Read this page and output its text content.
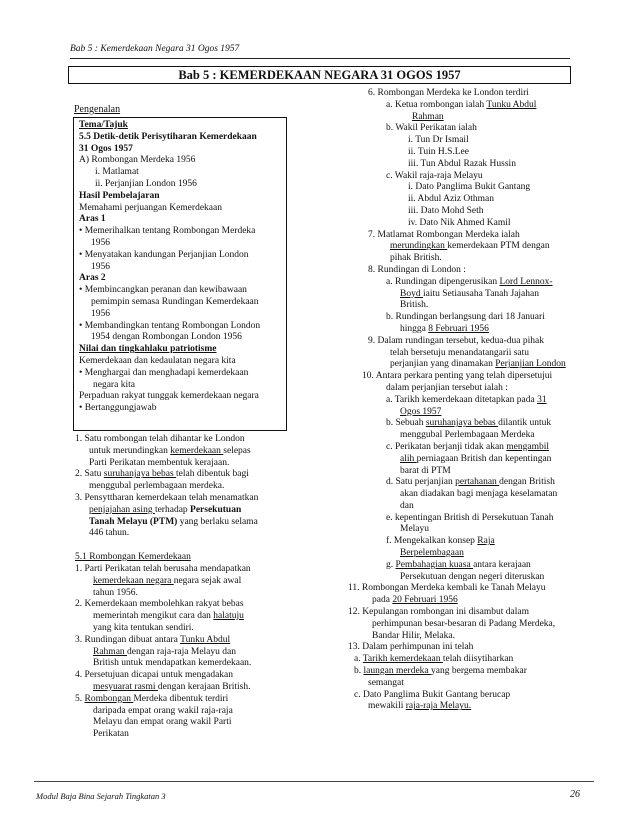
Bab 5 : Kemerdekaan Negara 31 Ogos 1957
Bab 5 : KEMERDEKAAN NEGARA 31 OGOS 1957
Pengenalan
Tema/Tajuk
5.5 Detik-detik Perisytiharan Kemerdekaan
31 Ogos 1957
A) Rombongan Merdeka 1956
i. Matlamat
ii. Perjanjian London 1956
Hasil Pembelajaran
Memahami perjuangan Kemerdekaan
Aras 1
• Memerihalkan tentang Rombongan Merdeka
1956
• Menyatakan kandungan Perjanjian London
1956
Aras 2
• Membincangkan peranan dan kewibawaan
pemimpin semasa Rundingan Kemerdekaan
1956
• Membandingkan tentang Rombongan London
1954 dengan Rombongan London 1956
Nilai dan tingkahlaku patriotisme
Kemerdekaan dan kedaulatan negara kita
• Menghargai dan menghadapi kemerdekaan
negara kita
Perpaduan rakyat tunggak kemerdekaan negara
• Bertanggungjawab
1. Satu rombongan telah dihantar ke London
untuk merundingkan kemerdekaan selepas
Parti Perikatan membentuk kerajaan.
2. Satu suruhanjaya bebas telah dibentuk bagi
menggubal perlembagaan merdeka.
3. Pensyttharan kemerdekaan telah menamatkan
penjajahan asing terhadap Persekutuan
Tanah Melayu (PTM) yang berlaku selama
446 tahun.
5.1 Rombongan Kemerdekaan
1. Parti Perikatan telah berusaha mendapatkan
kemerdekaan negara negara sejak awal
tahun 1956.
2. Kemerdekaan membolehkan rakyat bebas
memerintah mengikut cara dan halatuju
yang kita tentukan sendiri.
3. Rundingan dibuat antara Tunku Abdul
Rahman dengan raja-raja Melayu dan
British untuk mendapatkan kemerdekaan.
4. Persetujuan dicapai untuk mengadakan
mesyuarat rasmi dengan kerajaan British.
5. Rombongan Merdeka dibentuk terdiri
daripada empat orang wakil raja-raja
Melayu dan empat orang wakil Parti
Perikatan
6. Rombongan Merdeka ke London terdiri
a. Ketua rombongan ialah Tunku Abdul
Rahman
b. Wakil Perikatan ialah
i. Tun Dr Ismail
ii. Tuin H.S.Lee
iii. Tun Abdul Razak Hussin
c. Wakil raja-raja Melayu
i. Dato Panglima Bukit Gantang
ii. Abdul Aziz Othman
iii. Dato Mohd Seth
iv. Dato Nik Ahmed Kamil
7. Matlamat Rombongan Merdeka ialah
merundingkan kemerdekaan PTM dengan
pihak British.
8. Rundingan di London :
a. Rundingan dipengerusikan Lord Lennox-
Boyd iaitu Setiausaha Tanah Jajahan
British.
b. Rundingan berlangsung dari 18 Januari
hingga 8 Februari 1956
9. Dalam rundingan tersebut, kedua-dua pihak
telah bersetuju menandatangarii satu
perjanjian yang dinamakan Perjanjian London
10. Antara perkara penting yang telah dipersetujui
dalam perjanjian tersebut ialah :
a. Tarikh kemerdekaan ditetapkan pada 31
Ogos 1957
b. Sebuah suruhanjaya bebas dilantik untuk
menggubal Perlembagaan Merdeka
c. Perikatan berjanji tidak akan mengambil
alih perniagaan British dan kepentingan
barat di PTM
d. Satu perjanjian pertahanan dengan British
akan diadakan bagi menjaga keselamatan
dan
e. kepentingan British di Persekutuan Tanah
Melayu
f. Mengekalkan konsep Raja
Berpelembagaan
g. Pembahagian kuasa antara kerajaan
Persekutuan dengan negeri diteruskan
11. Rombongan Merdeka kembali ke Tanah Melayu
pada 20 Februari 1956
12. Kepulangan rombongan ini disambut dalam
perhimpunan besar-besaran di Padang Merdeka,
Bandar Hilir, Melaka.
13. Dalam perhimpunan ini telah
a. Tarikh kemerdekaan telah diisytiharkan
b. laungan merdeka yang bergema membakar
semangat
c. Dato Panglima Bukit Gantang berucap
mewakili raja-raja Melayu.
Modul Baja Bina Sejarah Tingkatan 3	26
